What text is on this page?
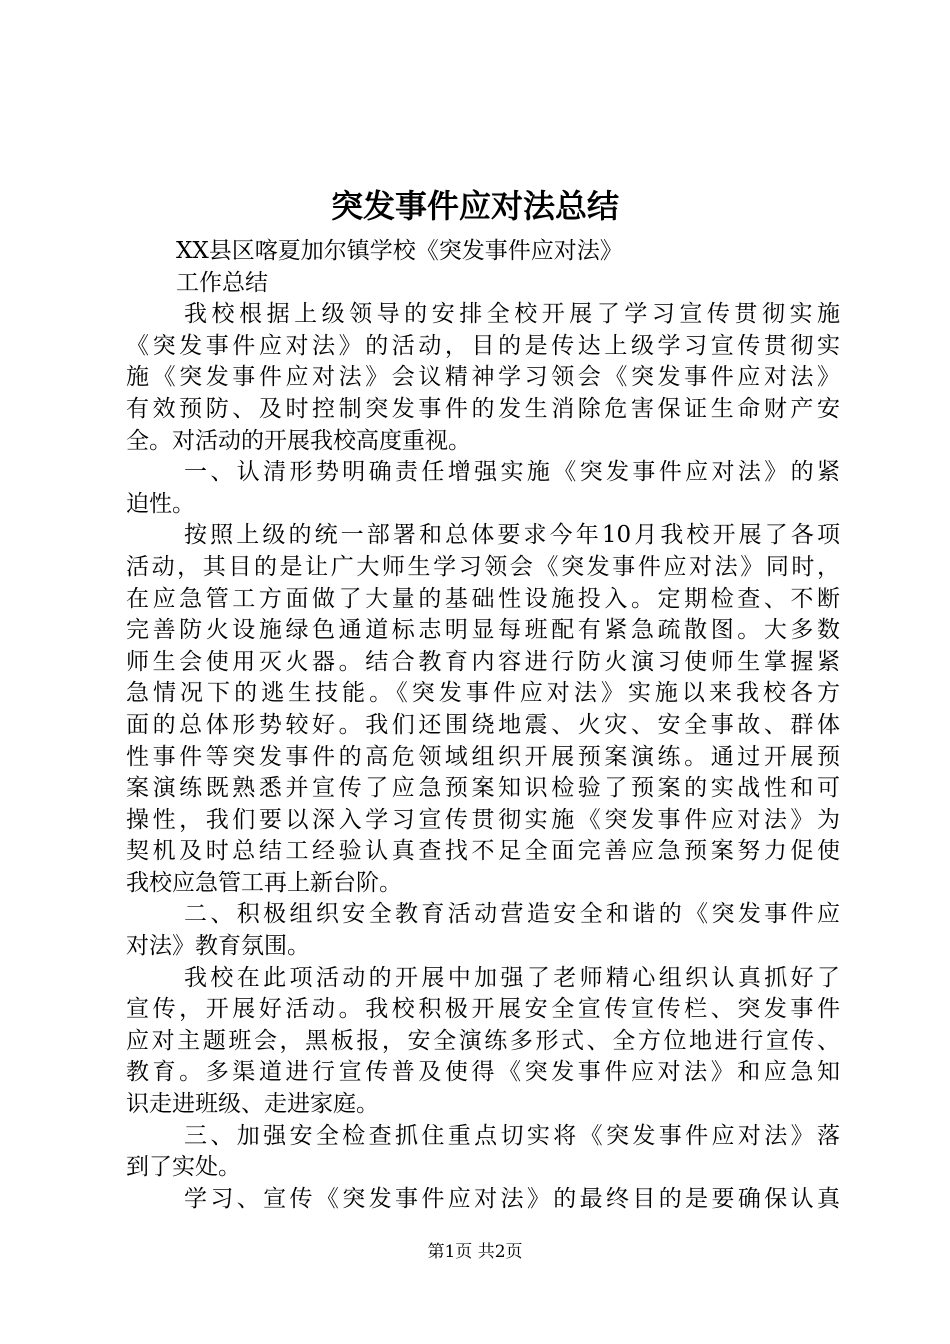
突发事件应对法总结

XX县区喀夏加尔镇学校《突发事件应对法》
工作总结

我校根据上级领导的安排全校开展了学习宣传贯彻实施
《突发事件应对法》的活动，目的是传达上级学习宣传贯彻实
施《突发事件应对法》会议精神学习领会《突发事件应对法》
有效预防、及时控制突发事件的发生消除危害保证生命财产安
全。对活动的开展我校高度重视。

一、认清形势明确责任增强实施《突发事件应对法》的紧
迫性。

按照上级的统一部署和总体要求今年10月我校开展了各项
活动，其目的是让广大师生学习领会《突发事件应对法》同时，
在应急管工方面做了大量的基础性设施投入。定期检查、不断
完善防火设施绿色通道标志明显每班配有紧急疏散图。大多数
师生会使用灭火器。结合教育内容进行防火演习使师生掌握紧
急情况下的逃生技能。《突发事件应对法》实施以来我校各方
面的总体形势较好。我们还围绕地震、火灾、安全事故、群体
性事件等突发事件的高危领域组织开展预案演练。通过开展预
案演练既熟悉并宣传了应急预案知识检验了预案的实战性和可
操性，我们要以深入学习宣传贯彻实施《突发事件应对法》为
契机及时总结工经验认真查找不足全面完善应急预案努力促使
我校应急管工再上新台阶。

二、积极组织安全教育活动营造安全和谐的《突发事件应
对法》教育氛围。

我校在此项活动的开展中加强了老师精心组织认真抓好了
宣传，开展好活动。我校积极开展安全宣传宣传栏、突发事件
应对主题班会，黑板报，安全演练多形式、全方位地进行宣传、
教育。多渠道进行宣传普及使得《突发事件应对法》和应急知
识走进班级、走进家庭。

三、加强安全检查抓住重点切实将《突发事件应对法》落
到了实处。

学习、宣传《突发事件应对法》的最终目的是要确保认真

第1页 共2页
